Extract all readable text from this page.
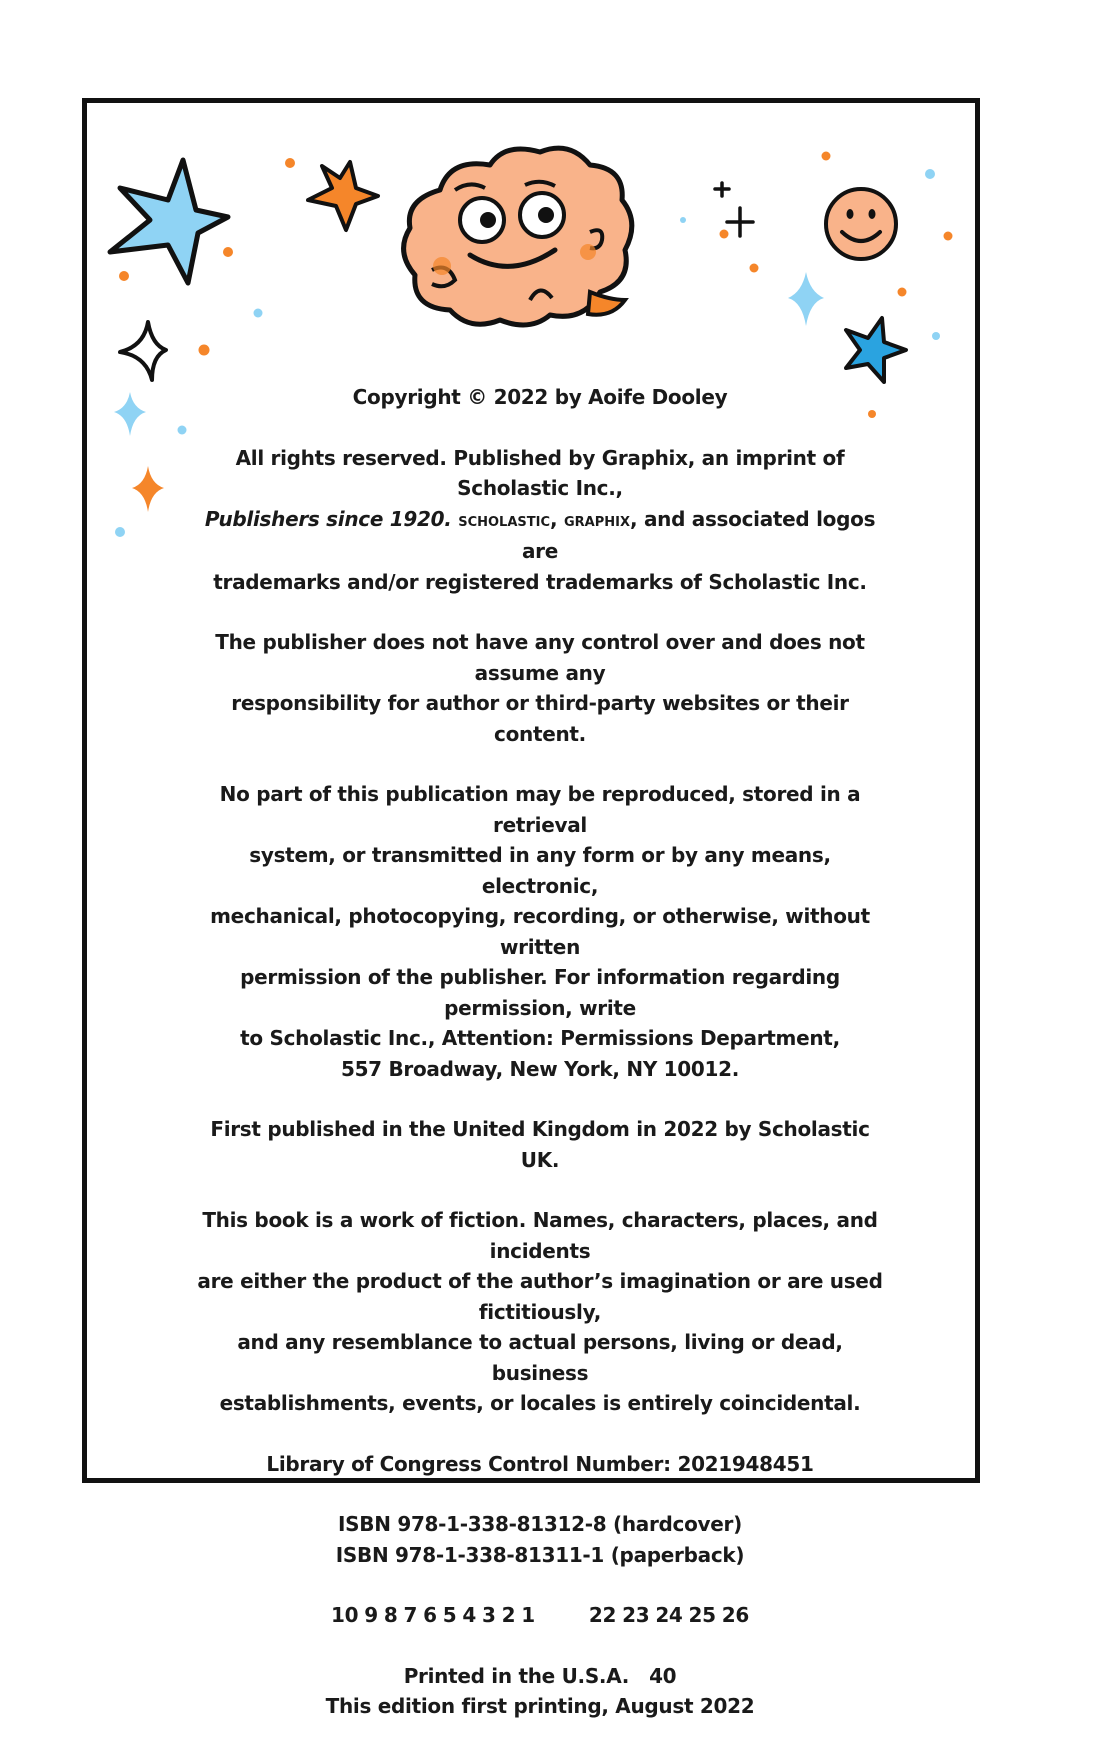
Copyright © 2022 by Aoife Dooley

All rights reserved. Published by Graphix, an imprint of Scholastic Inc.,
Publishers since 1920. scholastic, graphix, and associated logos are
trademarks and/or registered trademarks of Scholastic Inc.

The publisher does not have any control over and does not assume any
responsibility for author or third-party websites or their content.

No part of this publication may be reproduced, stored in a retrieval
system, or transmitted in any form or by any means, electronic,
mechanical, photocopying, recording, or otherwise, without written
permission of the publisher. For information regarding permission, write
to Scholastic Inc., Attention: Permissions Department,
557 Broadway, New York, NY 10012.

First published in the United Kingdom in 2022 by Scholastic UK.

This book is a work of fiction. Names, characters, places, and incidents
are either the product of the author’s imagination or are used fictitiously,
and any resemblance to actual persons, living or dead, business
establishments, events, or locales is entirely coincidental.

Library of Congress Control Number: 2021948451

ISBN 978-1-338-81312-8 (hardcover)
ISBN 978-1-338-81311-1 (paperback)

10 9 8 7 6 5 4 3 2 1	22 23 24 25 26

Printed in the U.S.A.   40
This edition first printing, August 2022
